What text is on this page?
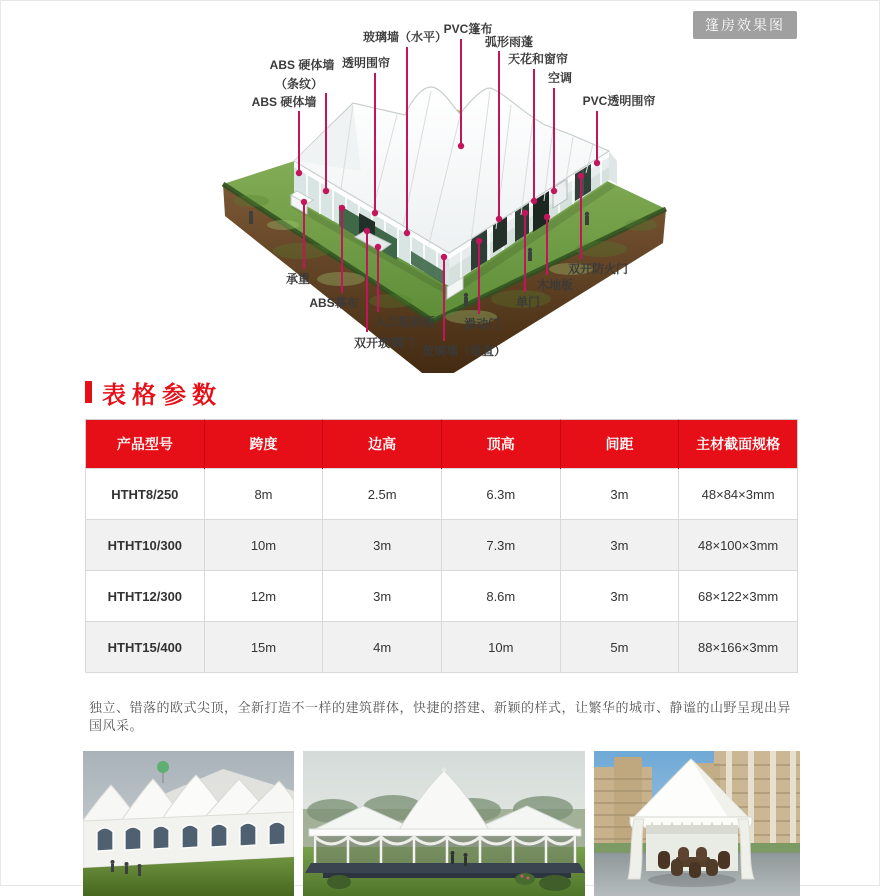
篷房效果图
ABS 硬体墙
（条纹）
ABS 硬体墙
透明围帘
玻璃墙（水平）
PVC篷布
弧形雨蓬
天花和窗帘
空调
PVC透明围帘
承重
ABS幕布
入口铝斜板
双开玻璃门
玻璃墙（垂直）
滑动门
单门
木地板
双开防火门
表格参数
产品型号	跨度	边高	顶高	间距	主材截面规格
HTHT8/250	8m	2.5m	6.3m	3m	48×84×3mm
HTHT10/300	10m	3m	7.3m	3m	48×100×3mm
HTHT12/300	12m	3m	8.6m	3m	68×122×3mm
HTHT15/400	15m	4m	10m	5m	88×166×3mm

独立、错落的欧式尖顶，全新打造不一样的建筑群体，快捷的搭建、新颖的样式，让繁华的城市、静谧的山野呈现出异国风采。
